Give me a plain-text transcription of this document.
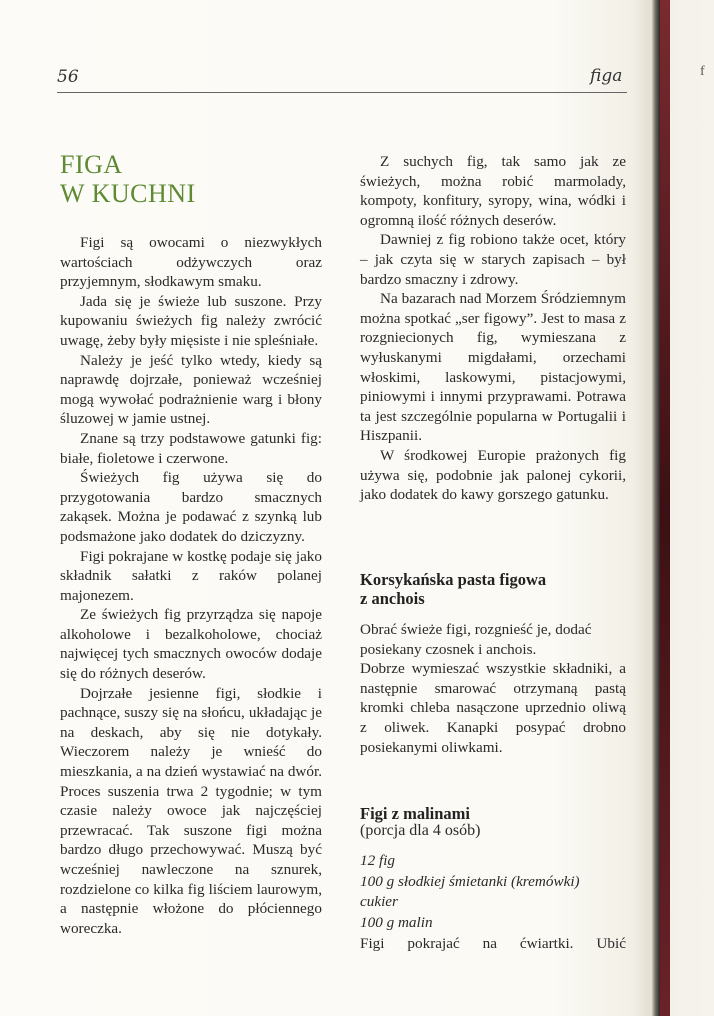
f
56	figa
FIGA
W KUCHNI

Figi są owocami o niezwykłych wartościach odżywczych oraz przyjemnym, słodkawym smaku.

Jada się je świeże lub suszone. Przy kupowaniu świeżych fig należy zwrócić uwagę, żeby były mięsiste i nie spleśniałe.

Należy je jeść tylko wtedy, kiedy są naprawdę dojrzałe, ponieważ wcześniej mogą wywołać podrażnienie warg i błony śluzowej w jamie ustnej.

Znane są trzy podstawowe gatunki fig: białe, fioletowe i czerwone.

Świeżych fig używa się do przygotowania bardzo smacznych zakąsek. Można je podawać z szynką lub podsmażone jako dodatek do dziczyzny.

Figi pokrajane w kostkę podaje się jako składnik sałatki z raków polanej majonezem.

Ze świeżych fig przyrządza się napoje alkoholowe i bezalkoholowe, chociaż najwięcej tych smacznych owoców dodaje się do różnych deserów.

Dojrzałe jesienne figi, słodkie i pachnące, suszy się na słońcu, układając je na deskach, aby się nie dotykały. Wieczorem należy je wnieść do mieszkania, a na dzień wystawiać na dwór. Proces suszenia trwa 2 tygodnie; w tym czasie należy owoce jak najczęściej przewracać. Tak suszone figi można bardzo długo przechowywać. Muszą być wcześniej nawleczone na sznurek, rozdzielone co kilka fig liściem laurowym, a następnie włożone do płóciennego woreczka.

Z suchych fig, tak samo jak ze świeżych, można robić marmolady, kompoty, konfitury, syropy, wina, wódki i ogromną ilość różnych deserów.

Dawniej z fig robiono także ocet, który – jak czyta się w starych zapisach – był bardzo smaczny i zdrowy.

Na bazarach nad Morzem Śródziemnym można spotkać „ser figowy”. Jest to masa z rozgniecionych fig, wymieszana z wyłuskanymi migdałami, orzechami włoskimi, laskowymi, pistacjowymi, piniowymi i innymi przyprawami. Potrawa ta jest szczególnie popularna w Portugalii i Hiszpanii.

W środkowej Europie prażonych fig używa się, podobnie jak palonej cykorii, jako dodatek do kawy gorszego gatunku.

Korsykańska pasta figowa
z anchois
Obrać świeże figi, rozgnieść je, dodać posiekany czosnek i anchois.
Dobrze wymieszać wszystkie składniki, a następnie smarować otrzymaną pastą kromki chleba nasączone uprzednio oliwą z oliwek. Kanapki posypać drobno posiekanymi oliwkami.
Figi z malinami
(porcja dla 4 osób)
12 fig
100 g słodkiej śmietanki (kremówki)
cukier
100 g malin
Figi pokrajać na ćwiartki. Ubić
